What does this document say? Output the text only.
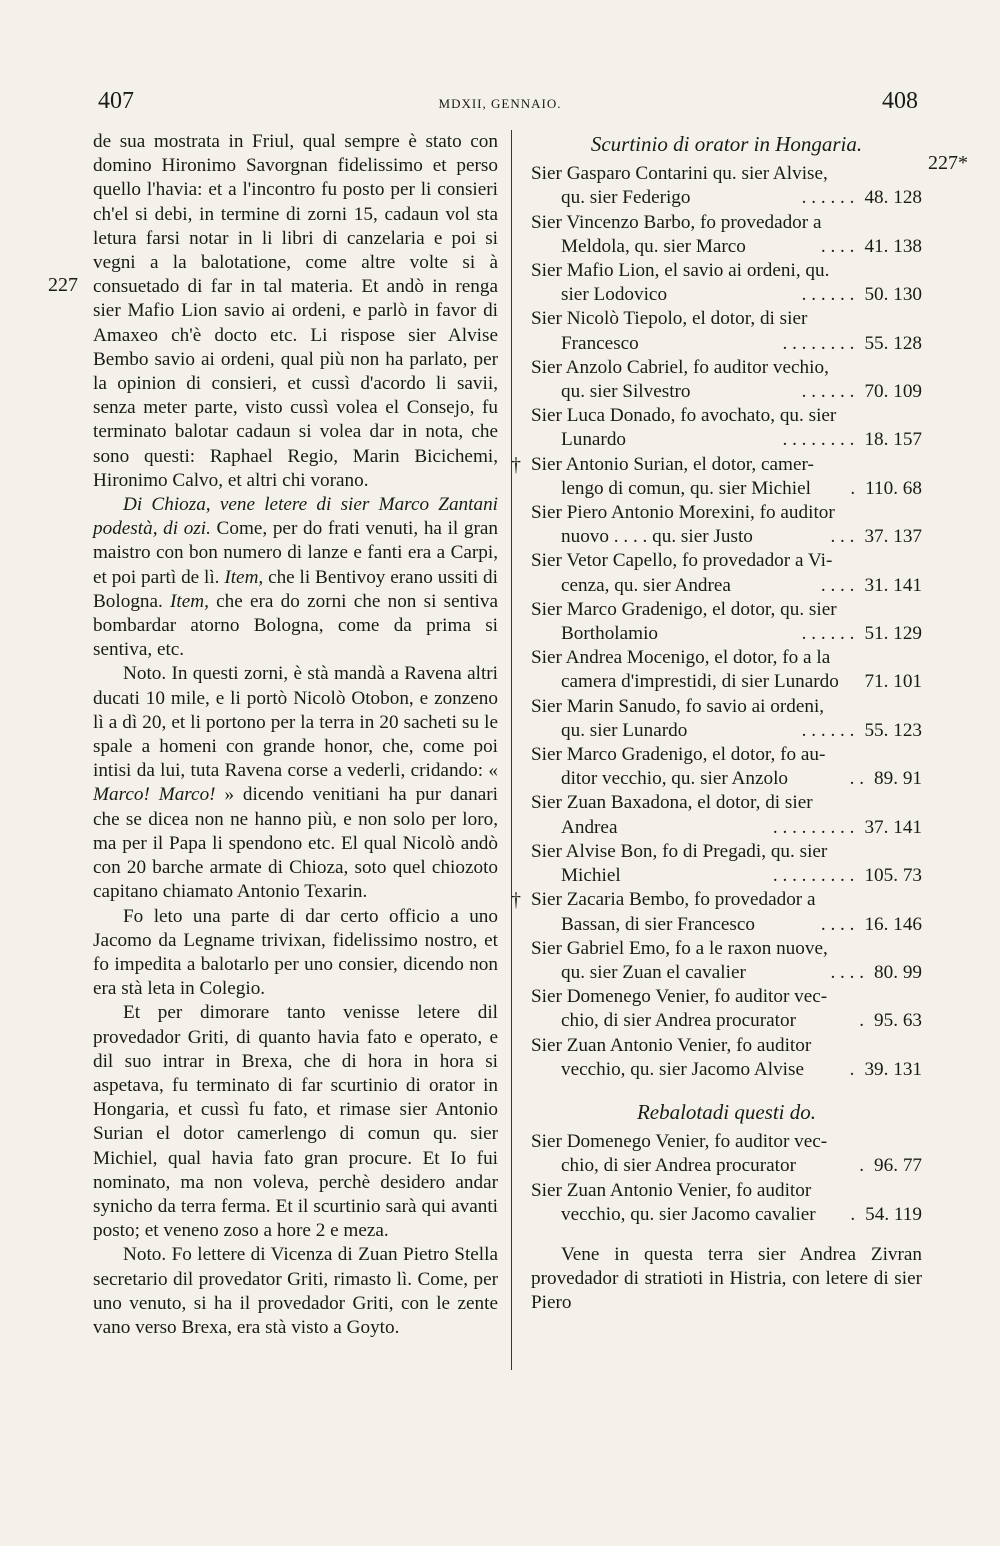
407	MDXII, GENNAIO.	408
227
227*

de sua mostrata in Friul, qual sempre è stato con domino Hironimo Savorgnan fidelissimo et perso quello l'havia: et a l'incontro fu posto per li consieri ch'el si debi, in termine di zorni 15, cadaun vol sta letura farsi notar in li libri di canzelaria e poi si vegni a la balotatione, come altre volte si à consuetado di far in tal materia. Et andò in renga sier Mafio Lion savio ai ordeni, e parlò in favor di Amaxeo ch'è docto etc. Li rispose sier Alvise Bembo savio ai ordeni, qual più non ha parlato, per la opinion di consieri, et cussì d'acordo li savii, senza meter parte, visto cussì volea el Consejo, fu terminato balotar cadaun si volea dar in nota, che sono questi: Raphael Regio, Marin Bicichemi, Hironimo Calvo, et altri chi vorano.

Di Chioza, vene letere di sier Marco Zantani podestà, di ozi. Come, per do frati venuti, ha il gran maistro con bon numero di lanze e fanti era a Carpi, et poi partì de lì. Item, che li Bentivoy erano ussiti di Bologna. Item, che era do zorni che non si sentiva bombardar atorno Bologna, come da prima si sentiva, etc.

Noto. In questi zorni, è stà mandà a Ravena altri ducati 10 mile, e li portò Nicolò Otobon, e zonzeno lì a dì 20, et li portono per la terra in 20 sacheti su le spale a homeni con grande honor, che, come poi intisi da lui, tuta Ravena corse a vederli, cridando: « Marco! Marco! » dicendo venitiani ha pur danari che se dicea non ne hanno più, e non solo per loro, ma per il Papa li spendono etc. El qual Nicolò andò con 20 barche armate di Chioza, soto quel chiozoto capitano chiamato Antonio Texarin.

Fo leto una parte di dar certo officio a uno Jacomo da Legname trivixan, fidelissimo nostro, et fo impedita a balotarlo per uno consier, dicendo non era stà leta in Colegio.

Et per dimorare tanto venisse letere dil provedador Griti, di quanto havia fato e operato, e dil suo intrar in Brexa, che di hora in hora si aspetava, fu terminato di far scurtinio di orator in Hongaria, et cussì fu fato, et rimase sier Antonio Surian el dotor camerlengo di comun qu. sier Michiel, qual havia fato gran procure. Et Io fui nominato, ma non voleva, perchè desidero andar synicho da terra ferma. Et il scurtinio sarà qui avanti posto; et veneno zoso a hore 2 e meza.

Noto. Fo lettere di Vicenza di Zuan Pietro Stella secretario dil provedator Griti, rimasto lì. Come, per uno venuto, si ha il provedador Griti, con le zente vano verso Brexa, era stà visto a Goyto.

Scurtinio di orator in Hongaria.
Sier Gasparo Contarini qu. sier Alvise,
qu. sier Federigo	. . . . . . 48. 128
Sier Vincenzo Barbo, fo provedador a
Meldola, qu. sier Marco	. . . . 41. 138
Sier Mafio Lion, el savio ai ordeni, qu.
sier Lodovico	. . . . . . 50. 130
Sier Nicolò Tiepolo, el dotor, di sier
Francesco	. . . . . . . . 55. 128
Sier Anzolo Cabriel, fo auditor vechio,
qu. sier Silvestro	. . . . . . 70. 109
Sier Luca Donado, fo avochato, qu. sier
Lunardo	. . . . . . . . 18. 157
† Sier Antonio Surian, el dotor, camer-
lengo di comun, qu. sier Michiel	. 110. 68
Sier Piero Antonio Morexini, fo auditor
nuovo . . . . qu. sier Justo	. . . 37. 137
Sier Vetor Capello, fo provedador a Vi-
cenza, qu. sier Andrea	. . . . 31. 141
Sier Marco Gradenigo, el dotor, qu. sier
Bortholamio	. . . . . . 51. 129
Sier Andrea Mocenigo, el dotor, fo a la
camera d'imprestidi, di sier Lunardo 71. 101
Sier Marin Sanudo, fo savio ai ordeni,
qu. sier Lunardo	. . . . . . 55. 123
Sier Marco Gradenigo, el dotor, fo au-
ditor vecchio, qu. sier Anzolo	. . 89. 91
Sier Zuan Baxadona, el dotor, di sier
Andrea	. . . . . . . . . 37. 141
Sier Alvise Bon, fo di Pregadi, qu. sier
Michiel	. . . . . . . . . 105. 73
† Sier Zacaria Bembo, fo provedador a
Bassan, di sier Francesco	. . . . 16. 146
Sier Gabriel Emo, fo a le raxon nuove,
qu. sier Zuan el cavalier	. . . . 80. 99
Sier Domenego Venier, fo auditor vec-
chio, di sier Andrea procurator	. 95. 63
Sier Zuan Antonio Venier, fo auditor
vecchio, qu. sier Jacomo Alvise	. 39. 131
Rebalotadi questi do.
Sier Domenego Venier, fo auditor vec-
chio, di sier Andrea procurator	. 96. 77
Sier Zuan Antonio Venier, fo auditor
vecchio, qu. sier Jacomo cavalier	. 54. 119

Vene in questa terra sier Andrea Zivran provedador di stratioti in Histria, con letere di sier Piero
